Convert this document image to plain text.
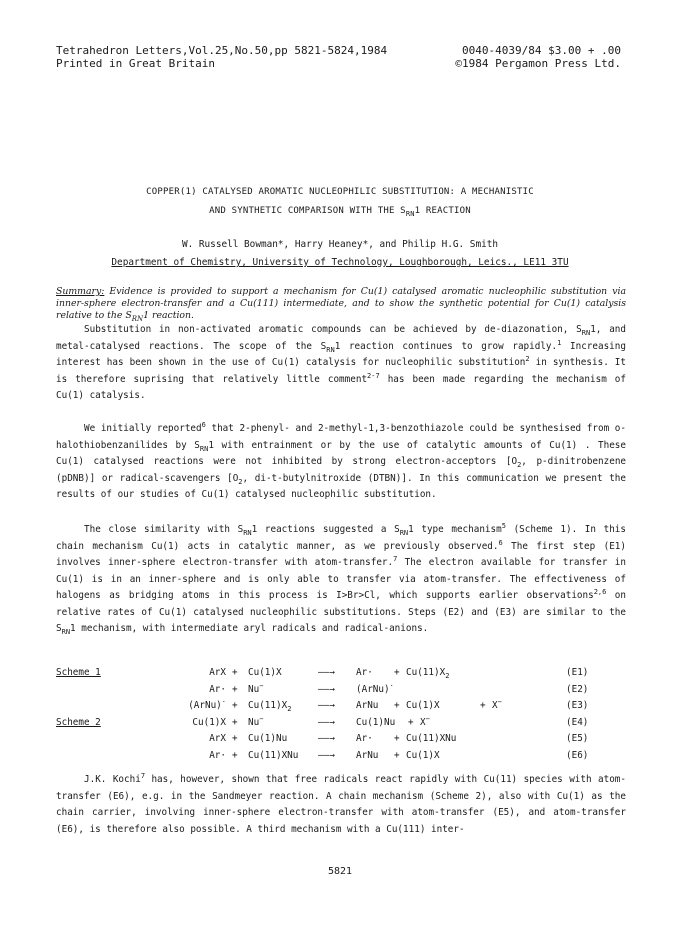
Tetrahedron Letters,Vol.25,No.50,pp 5821-5824,1984	0040-4039/84 $3.00 + .00
Printed in Great Britain	©1984 Pergamon Press Ltd.
COPPER(1) CATALYSED AROMATIC NUCLEOPHILIC SUBSTITUTION: A MECHANISTIC
AND SYNTHETIC COMPARISON WITH THE $S_{RN}1$ REACTION
W. Russell Bowman*, Harry Heaney*, and Philip H.G. Smith
Department of Chemistry, University of Technology, Loughborough, Leics., LE11 3TU
Summary: Evidence is provided to support a mechanism for Cu(1) catalysed aromatic nucleophilic substitution via inner-sphere electron-transfer and a Cu(111) intermediate, and to show the synthetic potential for Cu(1) catalysis relative to the $S_{RN}1$ reaction.
Substitution in non-activated aromatic compounds can be achieved by de-diazonation, $S_{RN}1$, and metal-catalysed reactions. The scope of the $S_{RN}1$ reaction continues to grow rapidly.$^1$ Increasing interest has been shown in the use of Cu(1) catalysis for nucleophilic substitution$^2$ in synthesis. It is therefore suprising that relatively little comment$^{2-7}$ has been made regarding the mechanism of Cu(1) catalysis.
We initially reported$^6$ that 2-phenyl- and 2-methyl-1,3-benzothiazole could be synthesised from o-halothiobenzanilides by $S_{RN}1$ with entrainment or by the use of catalytic amounts of Cu(1) . These Cu(1) catalysed reactions were not inhibited by strong electron-acceptors [$O_2$, p-dinitrobenzene (pDNB)] or radical-scavengers [$O_2$, di-t-butylnitroxide (DTBN)]. In this communication we present the results of our studies of Cu(1) catalysed nucleophilic substitution.
The close similarity with $S_{RN}1$ reactions suggested a $S_{RN}1$ type mechanism$^5$ (Scheme 1). In this chain mechanism Cu(1) acts in catalytic manner, as we previously observed.$^6$ The first step (E1) involves inner-sphere electron-transfer with atom-transfer.$^7$ The electron available for transfer in Cu(1) is in an inner-sphere and is only able to transfer via atom-transfer. The effectiveness of halogens as bridging atoms in this process is I>Br>Cl, which supports earlier observations$^{2,6}$ on relative rates of Cu(1) catalysed nucleophilic substitutions. Steps (E2) and (E3) are similar to the $S_{RN}1$ mechanism, with intermediate aryl radicals and radical-anions.
Scheme 1	ArX + Cu(1)X	——→ $Ar\cdot + Cu(11)X_2$	(E1)
Ar· + Nu−	——→ (ArNu)·	(E2)
(ArNu)· + $Cu(11)X_2$	——→ ArNu + Cu(1)X	+ X−	(E3)
Scheme 2	Cu(1)X + Nu−	——→ Cu(1)Nu + X−	(E4)
ArX + Cu(1)Nu	——→ Ar· + Cu(11)XNu	(E5)
Ar· + Cu(11)XNu ——→ ArNu + Cu(1)X	(E6)
J.K. Kochi$^7$ has, however, shown that free radicals react rapidly with Cu(11) species with atom-transfer (E6), e.g. in the Sandmeyer reaction. A chain mechanism (Scheme 2), also with Cu(1) as the chain carrier, involving inner-sphere electron-transfer with atom-transfer (E5), and atom-transfer (E6), is therefore also possible. A third mechanism with a Cu(111) inter-
5821
